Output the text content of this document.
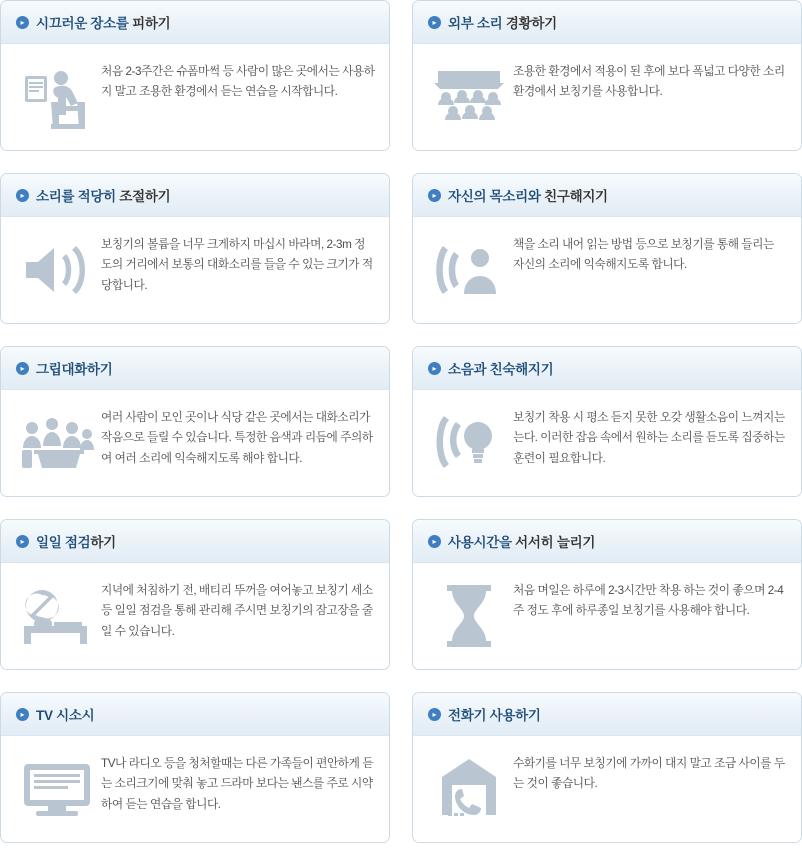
▸ 시끄러운 장소를 피하기
처음 2-3주간은 슈폼마썩 등 사람이 많은 곳에서는 사용하지 말고 조용한 환경에서 듣는 연습을 시작합니다.
▸ 외부 소리 경황하기
조용한 환경에서 적용이 된 후에 보다 폭넓고 다양한 소리 환경에서 보칭기를 사용합니다.
▸ 소리를 적당히 조절하기
보칭기의 볼륨을 너무 크게하지 마십시 바라며, 2-3m 정도의 거리에서 보통의 대화소리를 들을 수 있는 크기가 적당합니다.
▸ 자신의 목소리와 친구해지기
책을 소리 내어 읽는 방법 등으로 보칭기를 통해 들리는 자신의 소리에 익숙해지도록 합니다.
▸ 그립대화하기
여러 사람이 모인 곳이나 식당 같은 곳에서는 대화소리가 작음으로 들릴 수 있습니다. 특정한 음색과 리듬에 주의하여 여러 소리에 익숙해지도록 해야 합니다.
▸ 소음과 친숙해지기
보칭기 착용 시 평소 듣지 못한 오갖 생활소음이 느껴지는는다. 이러한 잡음 속에서 원하는 소리를 듣도록 집중하는 훈련이 필요합니다.
▸ 일일 점검하기
지녁에 처침하기 전, 배티리 뚜꺼을 여어놓고 보칭기 세소 등 일일 점검을 통해 관리해 주시면 보칭기의 잠고장을 줄일 수 있습니다.
▸ 사용시간을 서서히 늘리기
처음 며일은 하루에 2-3시간만 착용 하는 것이 좋으며 2-4주 정도 후에 하루종일 보칭기를 사용해야 합니다.
▸ TV 시소시
TV나 라디오 등을 청처할때는 다른 가족들이 편안하게 듣는 소리크기에 맞춰 놓고 드라마 보다는 놴스를 주로 시약하여 듣는 연습을 합니다.
▸ 전화기 사용하기
수화기를 너무 보칭기에 가까이 대지 말고 조금 사이를 두는 것이 좋습니다.
